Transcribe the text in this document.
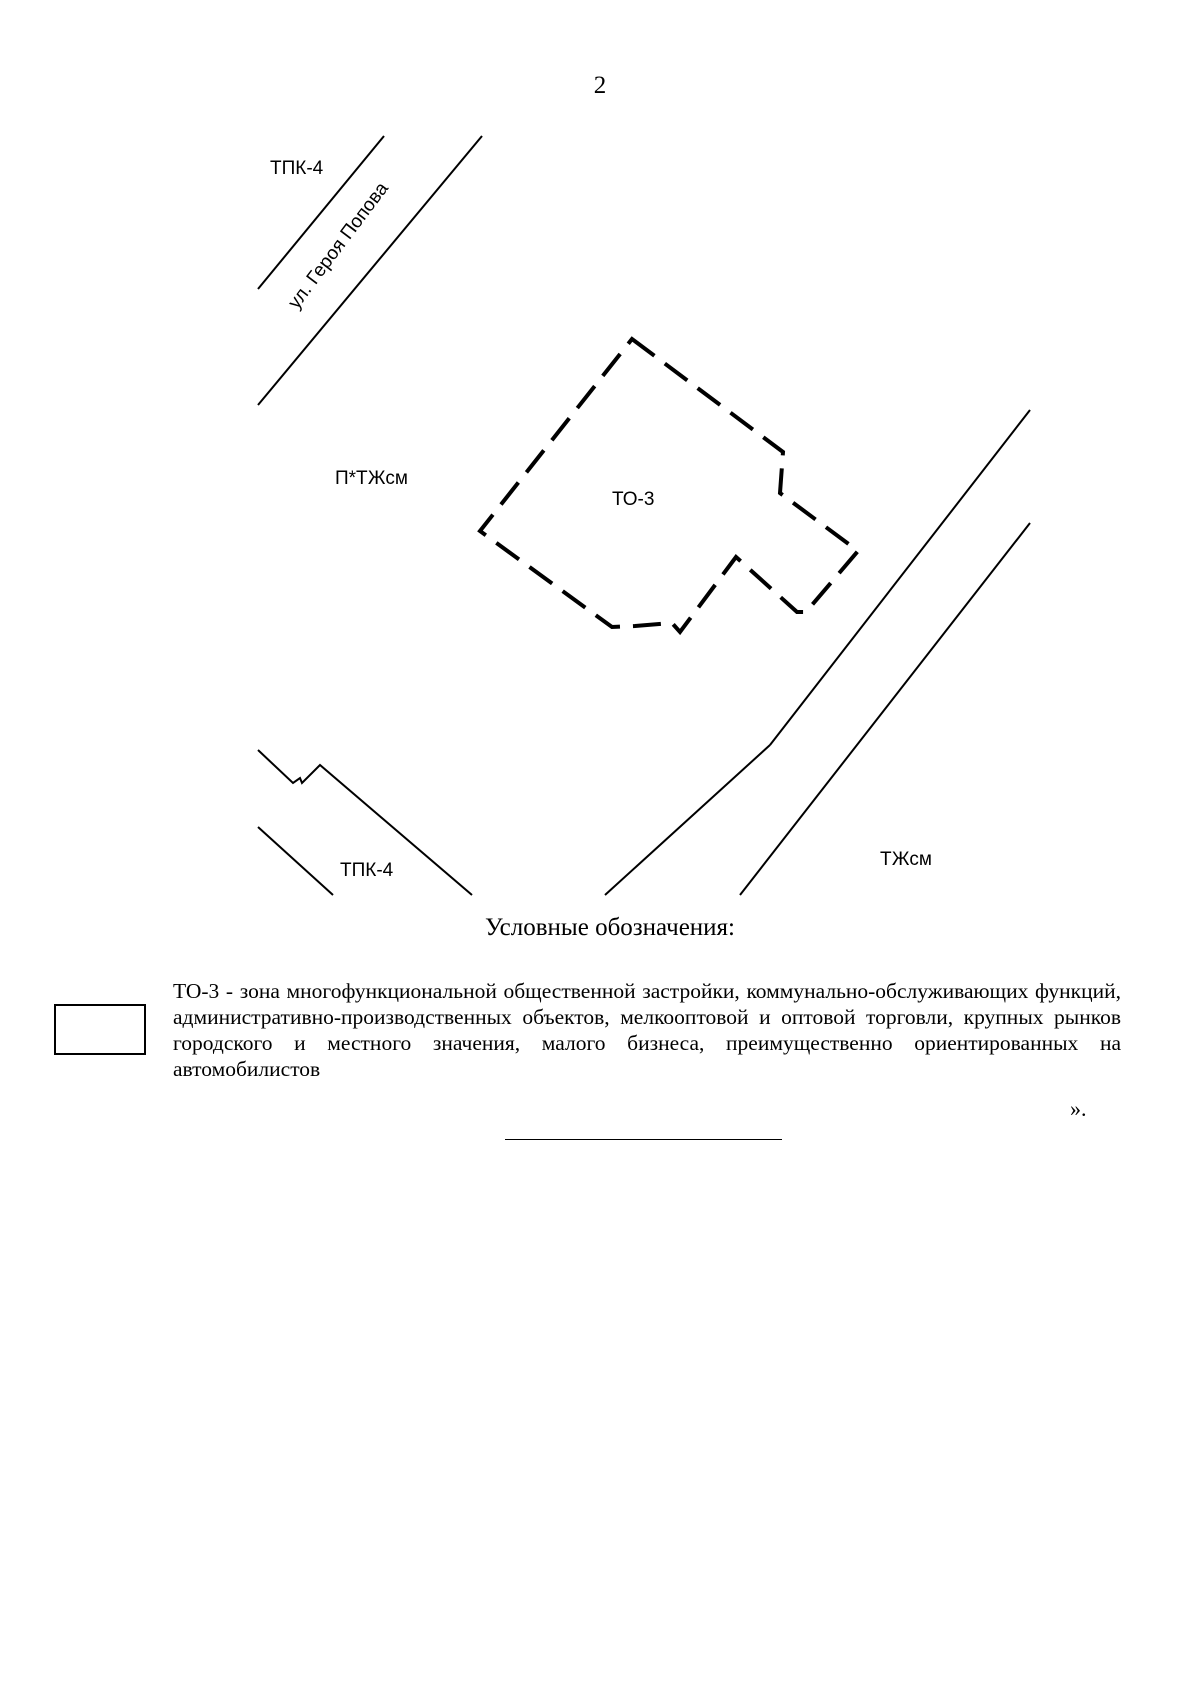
2
ТПК-4
ул. Героя Попова
П*ТЖсм
ТО-3
ТПК-4
ТЖсм
Условные обозначения:
ТО-3 - зона многофункциональной общественной застройки, коммунально-обслуживающих функций, административно-производственных объектов, мелкооптовой и оптовой торговли, крупных рынков городского и местного значения, малого бизнеса, преимущественно ориентированных на автомобилистов
».
